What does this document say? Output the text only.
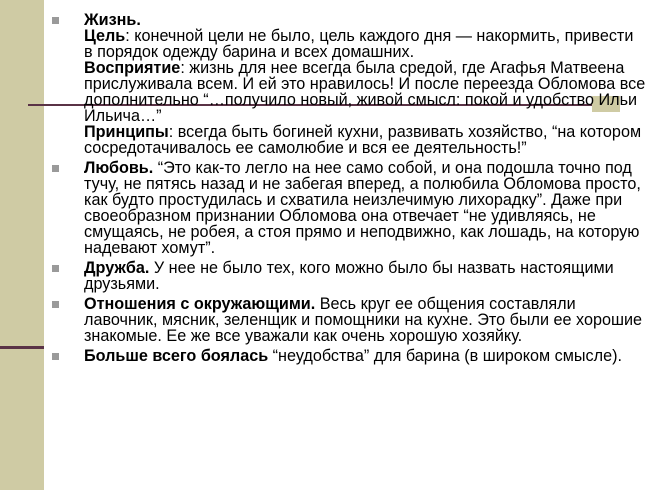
Жизнь.
Цель: конечной цели не было, цель каждого дня — накормить, привести в порядок одежду барина и всех домашних.
Восприятие: жизнь для нее всегда была средой, где Агафья Матвеена прислуживала всем. И ей это нравилось! И после переезда Обломова все дополнительно “…получило новый, живой смысл: покой и удобство Ильи Ильича…”
Принципы: всегда быть богиней кухни, развивать хозяйство, “на котором сосредотачивалось ее самолюбие и вся ее деятельность!”
Любовь. “Это как-то легло на нее само собой, и она подошла точно под тучу, не пятясь назад и не забегая вперед, а полюбила Обломова просто, как будто простудилась и схватила неизлечимую лихорадку”. Даже при своеобразном признании Обломова она отвечает “не удивляясь, не смущаясь, не робея, а стоя прямо и неподвижно, как лошадь, на которую надевают хомут”.
Дружба. У нее не было тех, кого можно было бы назвать настоящими друзьями.
Отношения с окружающими. Весь круг ее общения составляли лавочник, мясник, зеленщик и помощники на кухне. Это были ее хорошие знакомые. Ее же все уважали как очень хорошую хозяйку.
Больше всего боялась “неудобства” для барина (в широком смысле).
